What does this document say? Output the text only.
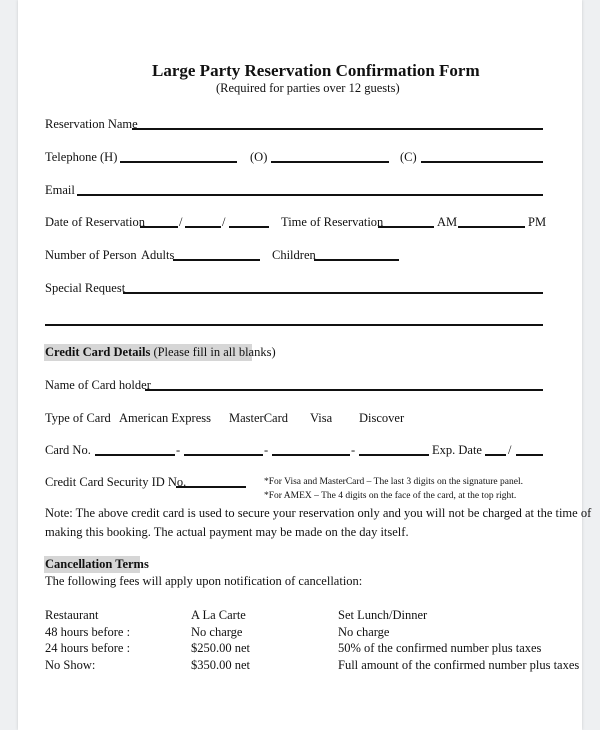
Large Party Reservation Confirmation Form
(Required for parties over 12 guests)
Reservation Name
Telephone (H)	(O)	(C)
Email
Date of Reservation	/	/	Time of Reservation	AM	PM
Number of Person Adults	Children
Special Request
Credit Card Details (Please fill in all blanks)
Name of Card holder
Type of Card American Express MasterCard Visa Discover
Card No.	-	-	-	Exp. Date /
Credit Card Security ID No.	*For Visa and MasterCard – The last 3 digits on the signature panel.
*For AMEX – The 4 digits on the face of the card, at the top right.
Note: The above credit card is used to secure your reservation only and you will not be charged at the time of
making this booking. The actual payment may be made on the day itself.
Cancellation Terms
The following fees will apply upon notification of cancellation:
Restaurant	A La Carte	Set Lunch/Dinner
48 hours before :	No charge	No charge
24 hours before :	$250.00 net	50% of the confirmed number plus taxes
No Show:	$350.00 net	Full amount of the confirmed number plus taxes
